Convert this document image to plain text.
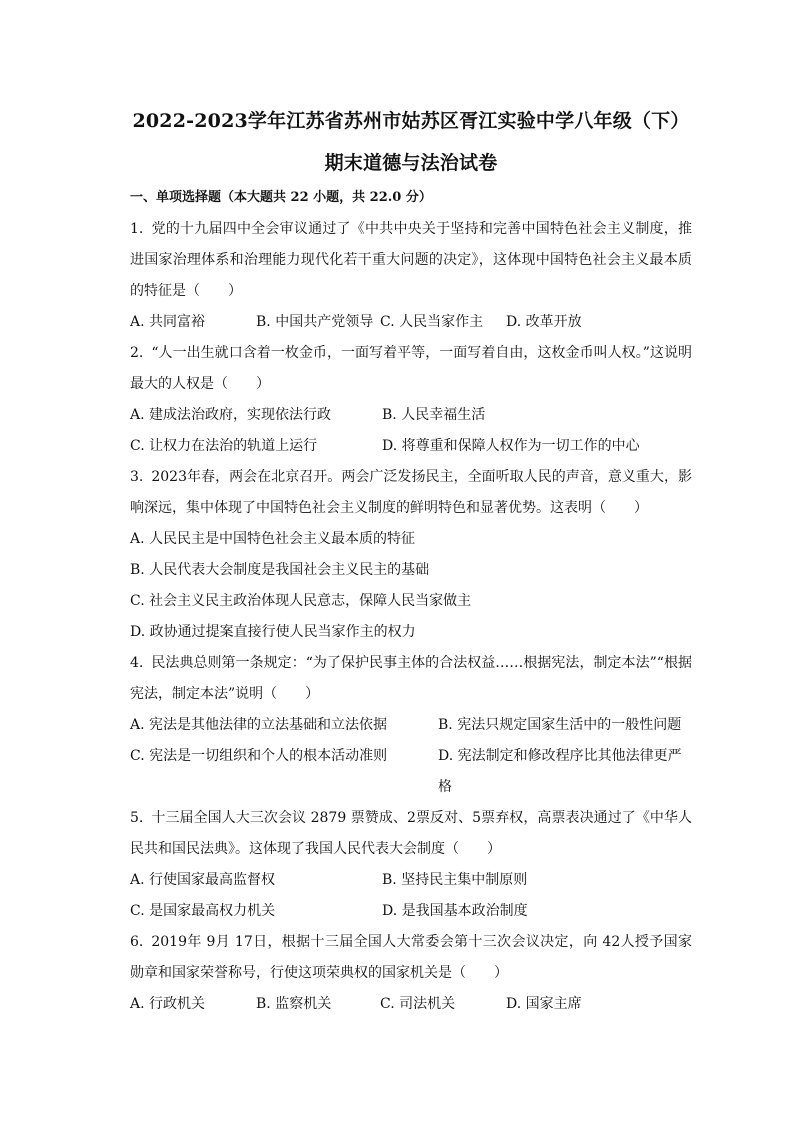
2022-2023学年江苏省苏州市姑苏区胥江实验中学八年级（下）
期末道德与法治试卷
一、单项选择题（本大题共 22 小题，共 22.0 分）
1. 党的十九届四中全会审议通过了《中共中央关于坚持和完善中国特色社会主义制度，推进国家治理体系和治理能力现代化若干重大问题的决定》，这体现中国特色社会主义最本质的特征是（　　）
A. 共同富裕	B. 中国共产党领导 C. 人民当家作主	D. 改革开放
2. “人一出生就口含着一枚金币，一面写着平等，一面写着自由，这枚金币叫人权。”这说明最大的人权是（　　）
A. 建成法治政府，实现依法行政	B. 人民幸福生活
C. 让权力在法治的轨道上运行	D. 将尊重和保障人权作为一切工作的中心
3. 2023年春，两会在北京召开。两会广泛发扬民主，全面听取人民的声音，意义重大，影响深远，集中体现了中国特色社会主义制度的鲜明特色和显著优势。这表明（　　）
A. 人民民主是中国特色社会主义最本质的特征
B. 人民代表大会制度是我国社会主义民主的基础
C. 社会主义民主政治体现人民意志，保障人民当家做主
D. 政协通过提案直接行使人民当家作主的权力
4. 民法典总则第一条规定：“为了保护民事主体的合法权益……根据宪法，制定本法”“根据宪法，制定本法”说明（　　）
A. 宪法是其他法律的立法基础和立法依据	B. 宪法只规定国家生活中的一般性问题
C. 宪法是一切组织和个人的根本活动准则	D. 宪法制定和修改程序比其他法律更严格
5. 十三届全国人大三次会议 2879 票赞成、2票反对、5票弃权，高票表决通过了《中华人民共和国民法典》。这体现了我国人民代表大会制度（　　）
A. 行使国家最高监督权	B. 坚持民主集中制原则
C. 是国家最高权力机关	D. 是我国基本政治制度
6. 2019年 9月 17日，根据十三届全国人大常委会第十三次会议决定，向 42人授予国家勋章和国家荣誉称号，行使这项荣典权的国家机关是（　　）
A. 行政机关	B. 监察机关	C. 司法机关	D. 国家主席
